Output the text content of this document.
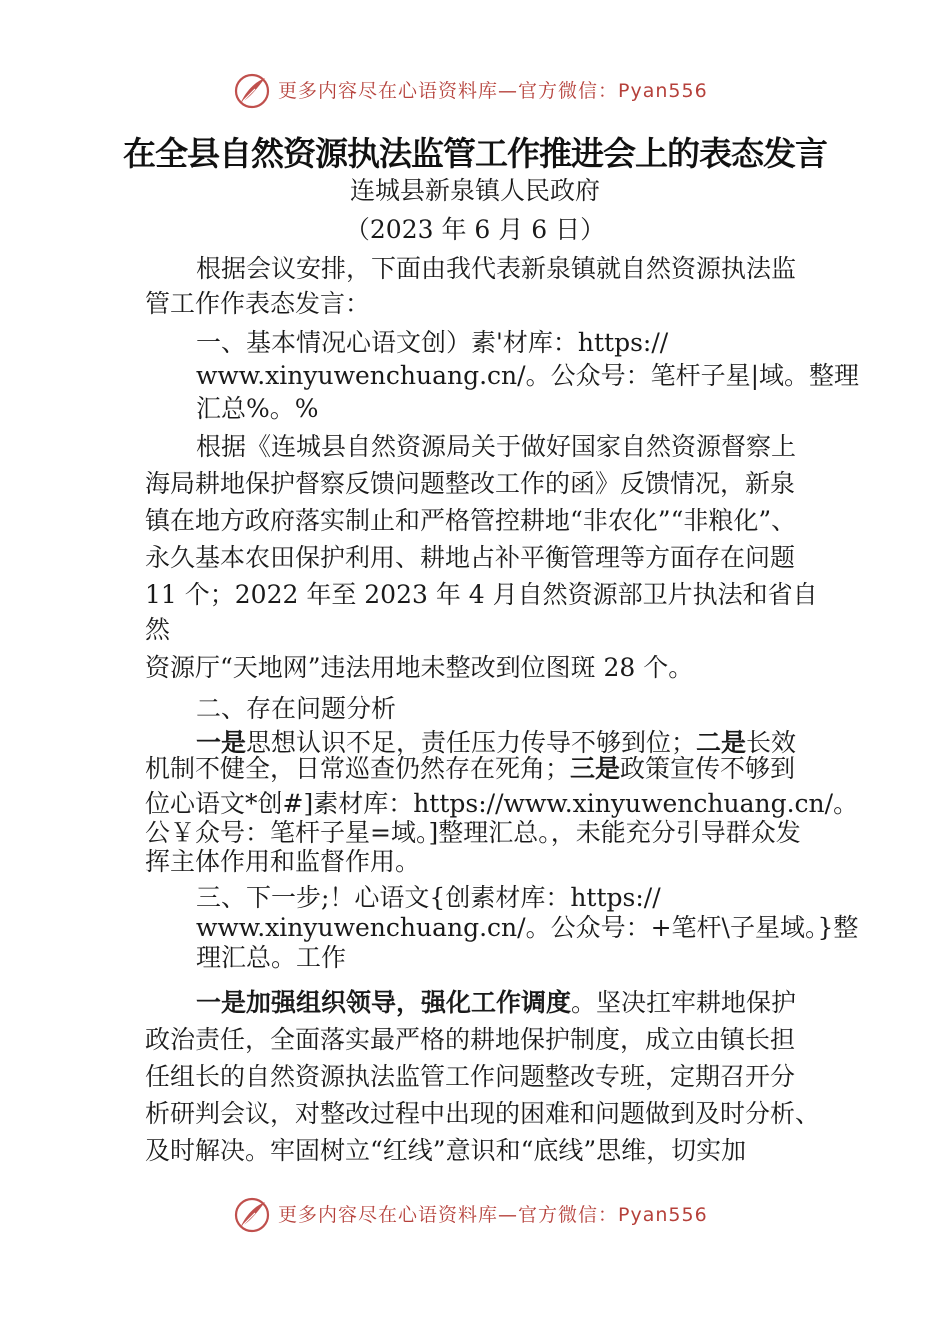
更多内容尽在心语资料库—官方微信：Pyan556
在全县自然资源执法监管工作推进会上的表态发言
连城县新泉镇人民政府
（2023 年 6 月 6 日）
根据会议安排，下面由我代表新泉镇就自然资源执法监
管工作作表态发言：
一、基本情况心语文创）素'材库：https://
www.xinyuwenchuang.cn/。公众号：笔杆子星|域。整理
汇总%。%
根据《连城县自然资源局关于做好国家自然资源督察上
海局耕地保护督察反馈问题整改工作的函》反馈情况，新泉
镇在地方政府落实制止和严格管控耕地“非农化”“非粮化”、
永久基本农田保护利用、耕地占补平衡管理等方面存在问题
11 个；2022 年至 2023 年 4 月自然资源部卫片执法和省自
然
资源厅“天地网”违法用地未整改到位图斑 28 个。
二、存在问题分析
一是思想认识不足，责任压力传导不够到位；二是长效
机制不健全，日常巡查仍然存在死角；三是政策宣传不够到
位心语文*创#]素材库：https://www.xinyuwenchuang.cn/。
公￥众号：笔杆子星=域。]整理汇总。，未能充分引导群众发
挥主体作用和监督作用。
三、下一步;！心语文{创素材库：https://
www.xinyuwenchuang.cn/。公众号：+笔杆\子星域。}整
理汇总。工作
一是加强组织领导，强化工作调度。坚决扛牢耕地保护
政治责任，全面落实最严格的耕地保护制度，成立由镇长担
任组长的自然资源执法监管工作问题整改专班，定期召开分
析研判会议，对整改过程中出现的困难和问题做到及时分析、
及时解决。牢固树立“红线”意识和“底线”思维，切实加
更多内容尽在心语资料库—官方微信：Pyan556
